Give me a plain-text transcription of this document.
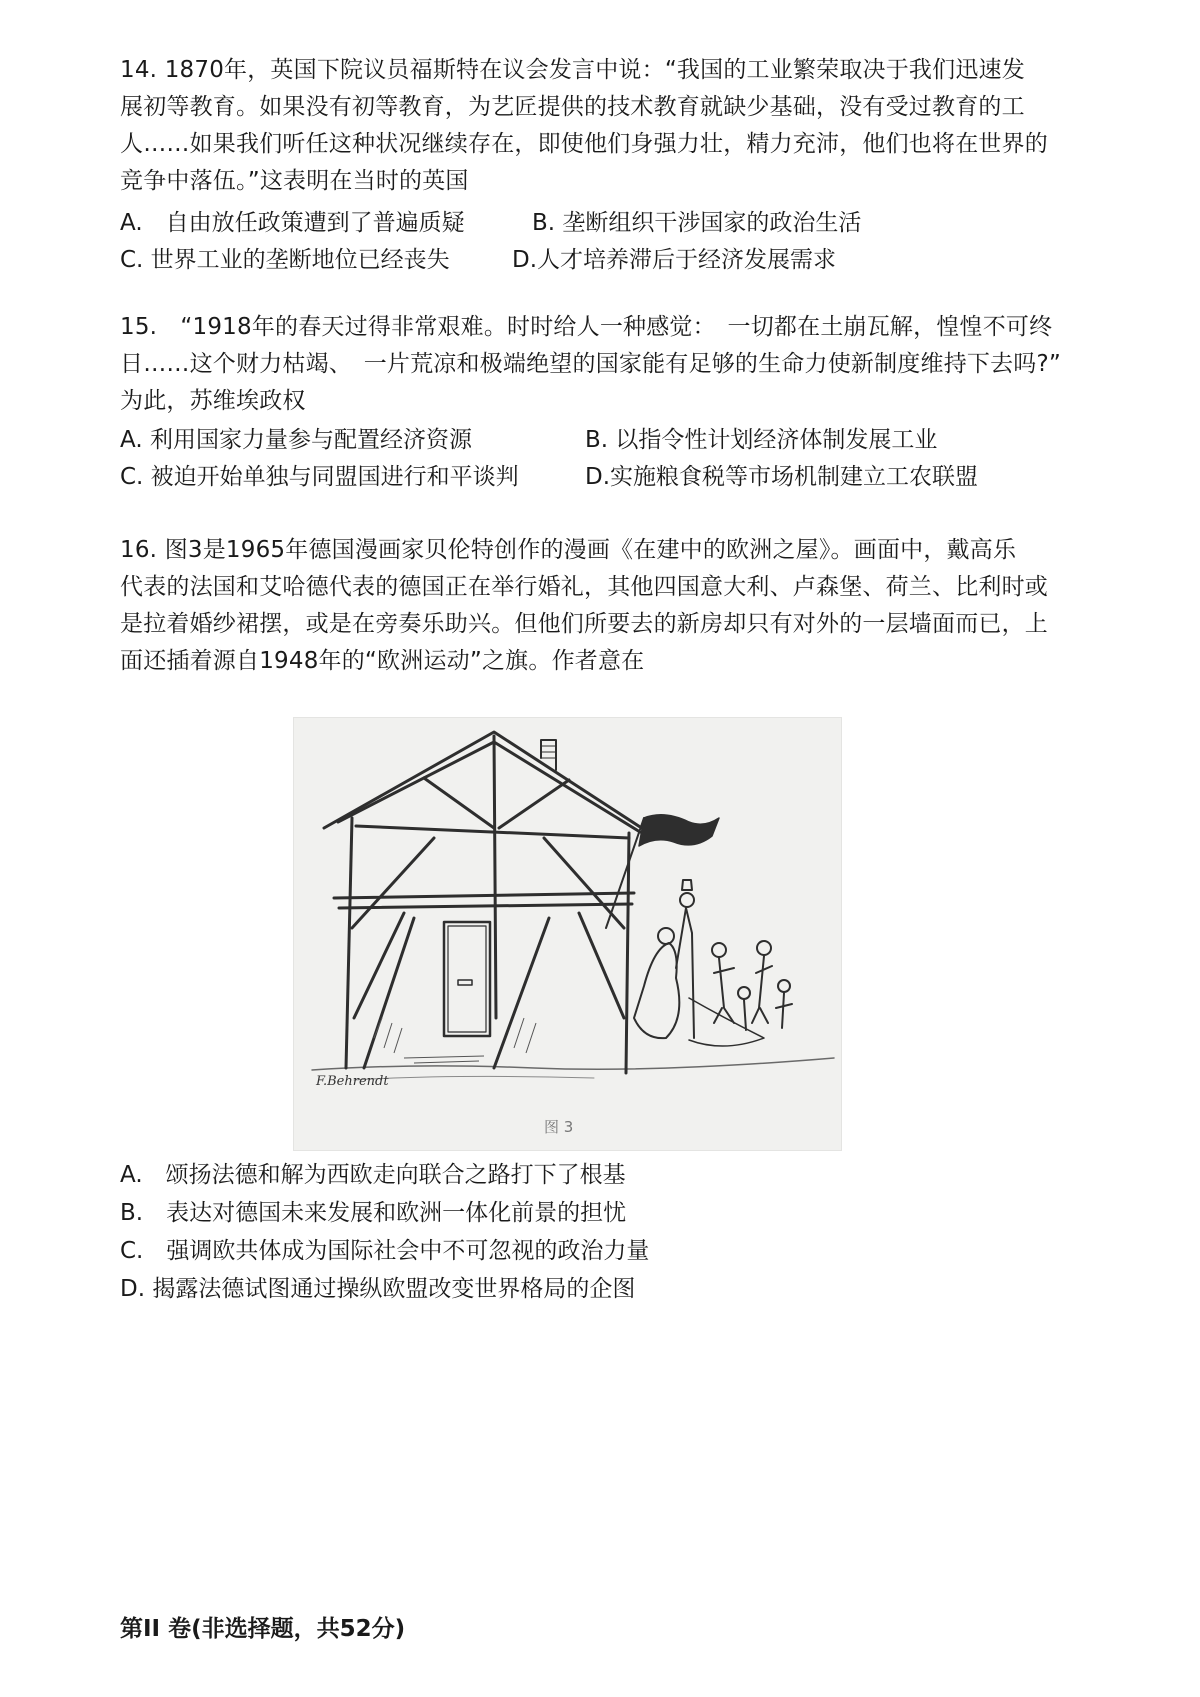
14. 1870年，英国下院议员福斯特在议会发言中说：“我国的工业繁荣取决于我们迅速发
展初等教育。如果没有初等教育，为艺匠提供的技术教育就缺少基础，没有受过教育的工
人……如果我们听任这种状况继续存在，即使他们身强力壮，精力充沛，他们也将在世界的
竞争中落伍。”这表明在当时的英国
A.　自由放任政策遭到了普遍质疑	B. 垄断组织干涉国家的政治生活
C. 世界工业的垄断地位已经丧失	D.人才培养滞后于经济发展需求
15.　“1918年的春天过得非常艰难。时时给人一种感觉：　一切都在土崩瓦解，惶惶不可终
日……这个财力枯竭、　一片荒凉和极端绝望的国家能有足够的生命力使新制度维持下去吗?”
为此，苏维埃政权
A. 利用国家力量参与配置经济资源	B. 以指令性计划经济体制发展工业
C. 被迫开始单独与同盟国进行和平谈判	D.实施粮食税等市场机制建立工农联盟
16. 图3是1965年德国漫画家贝伦特创作的漫画《在建中的欧洲之屋》。画面中，戴高乐
代表的法国和艾哈德代表的德国正在举行婚礼，其他四国意大利、卢森堡、荷兰、比利时或
是拉着婚纱裙摆，或是在旁奏乐助兴。但他们所要去的新房却只有对外的一层墙面而已，上
面还插着源自1948年的“欧洲运动”之旗。作者意在
F.Behrendt
图 3
A.　颂扬法德和解为西欧走向联合之路打下了根基
B.　表达对德国未来发展和欧洲一体化前景的担忧
C.　强调欧共体成为国际社会中不可忽视的政治力量
D. 揭露法德试图通过操纵欧盟改变世界格局的企图
第II 卷(非选择题，共52分)
